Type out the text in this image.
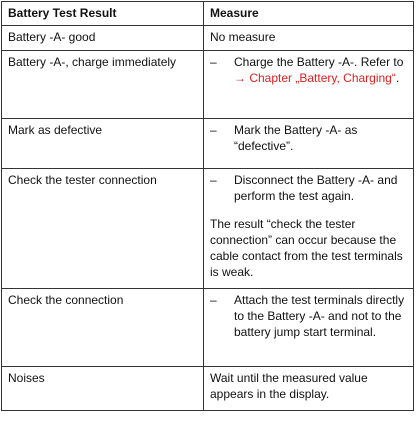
Battery Test Result	Measure
Battery -A- good	No measure
Battery -A-, charge immediately	– Charge the Battery -A-. Refer to → Chapter „Battery, Charging“.

Mark as defective	– Mark the Battery -A- as “defective”.

Check the tester connection	– Disconnect the Battery -A- and perform the test again.
The result “check the tester connection” can occur because the cable contact from the test terminals is weak.

Check the connection	– Attach the test terminals directly to the Battery -A- and not to the battery jump start terminal.

Noises	Wait until the measured value appears in the display.
